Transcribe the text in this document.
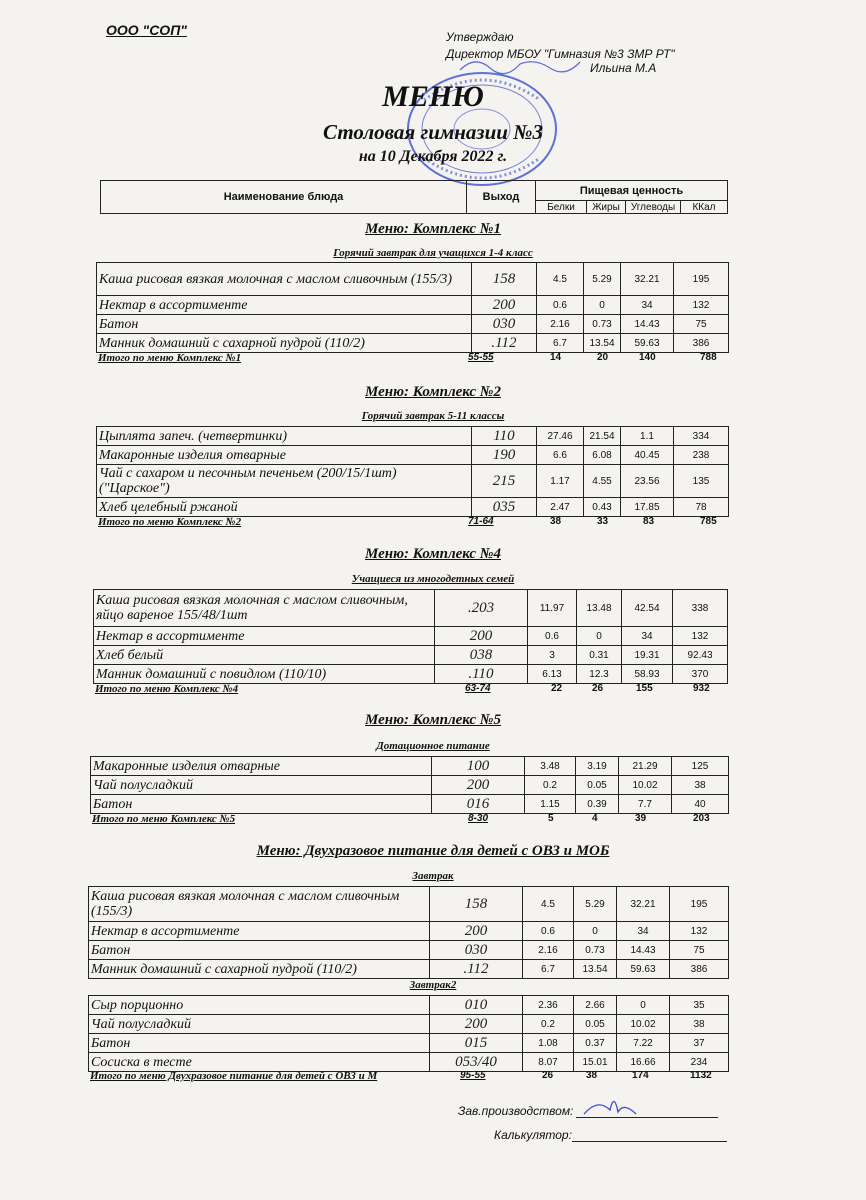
ООО "СОП"	Утверждаю
Директор МБОУ "Гимназия №3 ЗМР РТ"
Ильина М.А
МЕНЮ
Столовая гимназии №3
на 10 Декабря 2022 г.
Наименование блюда	Выход	Пищевая ценность			
		Белки	Жиры	Углеводы	ККал
Меню: Комплекс №1
Горячий завтрак для учащихся 1-4 класс
Каша рисовая вязкая молочная с маслом сливочным (155/3)	158	4.5	5.29	32.21	195
Нектар в ассортименте	200	0.6	0	34	132
Батон	030	2.16	0.73	14.43	75
Манник домашний с сахарной пудрой (110/2)	.112	6.7	13.54	59.63	386
Итого по меню Комплекс №1	55-55	14	20	140	788
Меню: Комплекс №2
Горячий завтрак 5-11 классы
Цыплята запеч. (четвертинки)	110	27.46	21.54	1.1	334
Макаронные изделия отварные	190	6.6	6.08	40.45	238
Чай с сахаром и песочным печеньем (200/15/1шт) ("Царское")	215	1.17	4.55	23.56	135
Хлеб целебный ржаной	035	2.47	0.43	17.85	78
Итого по меню Комплекс №2	71-64	38	33	83	785
Меню: Комплекс №4
Учащиеся из многодетных семей
Каша рисовая вязкая молочная с маслом сливочным, яйцо вареное 155/48/1шт	.203	11.97	13.48	42.54	338
Нектар в ассортименте	200	0.6	0	34	132
Хлеб белый	038	3	0.31	19.31	92.43
Манник домашний с повидлом (110/10)	.110	6.13	12.3	58.93	370
Итого по меню Комплекс №4	63-74	22	26	155	932
Меню: Комплекс №5
Дотационное питание
Макаронные изделия отварные	100	3.48	3.19	21.29	125
Чай полусладкий	200	0.2	0.05	10.02	38
Батон	016	1.15	0.39	7.7	40
Итого по меню Комплекс №5	8-30	5	4	39	203
Меню: Двухразовое питание для детей с ОВЗ и МОБ
Завтрак
Каша рисовая вязкая молочная с маслом сливочным (155/3)	158	4.5	5.29	32.21	195
Нектар в ассортименте	200	0.6	0	34	132
Батон	030	2.16	0.73	14.43	75
Манник домашний с сахарной пудрой (110/2)	.112	6.7	13.54	59.63	386
Завтрак2
Сыр порционно	010	2.36	2.66	0	35
Чай полусладкий	200	0.2	0.05	10.02	38
Батон	015	1.08	0.37	7.22	37
Сосиска в тесте	053/40	8.07	15.01	16.66	234
Итого по меню Двухразовое питание для детей с ОВЗ и М	95-55	26	38	174	1132
Зав.производством:
Калькулятор:
